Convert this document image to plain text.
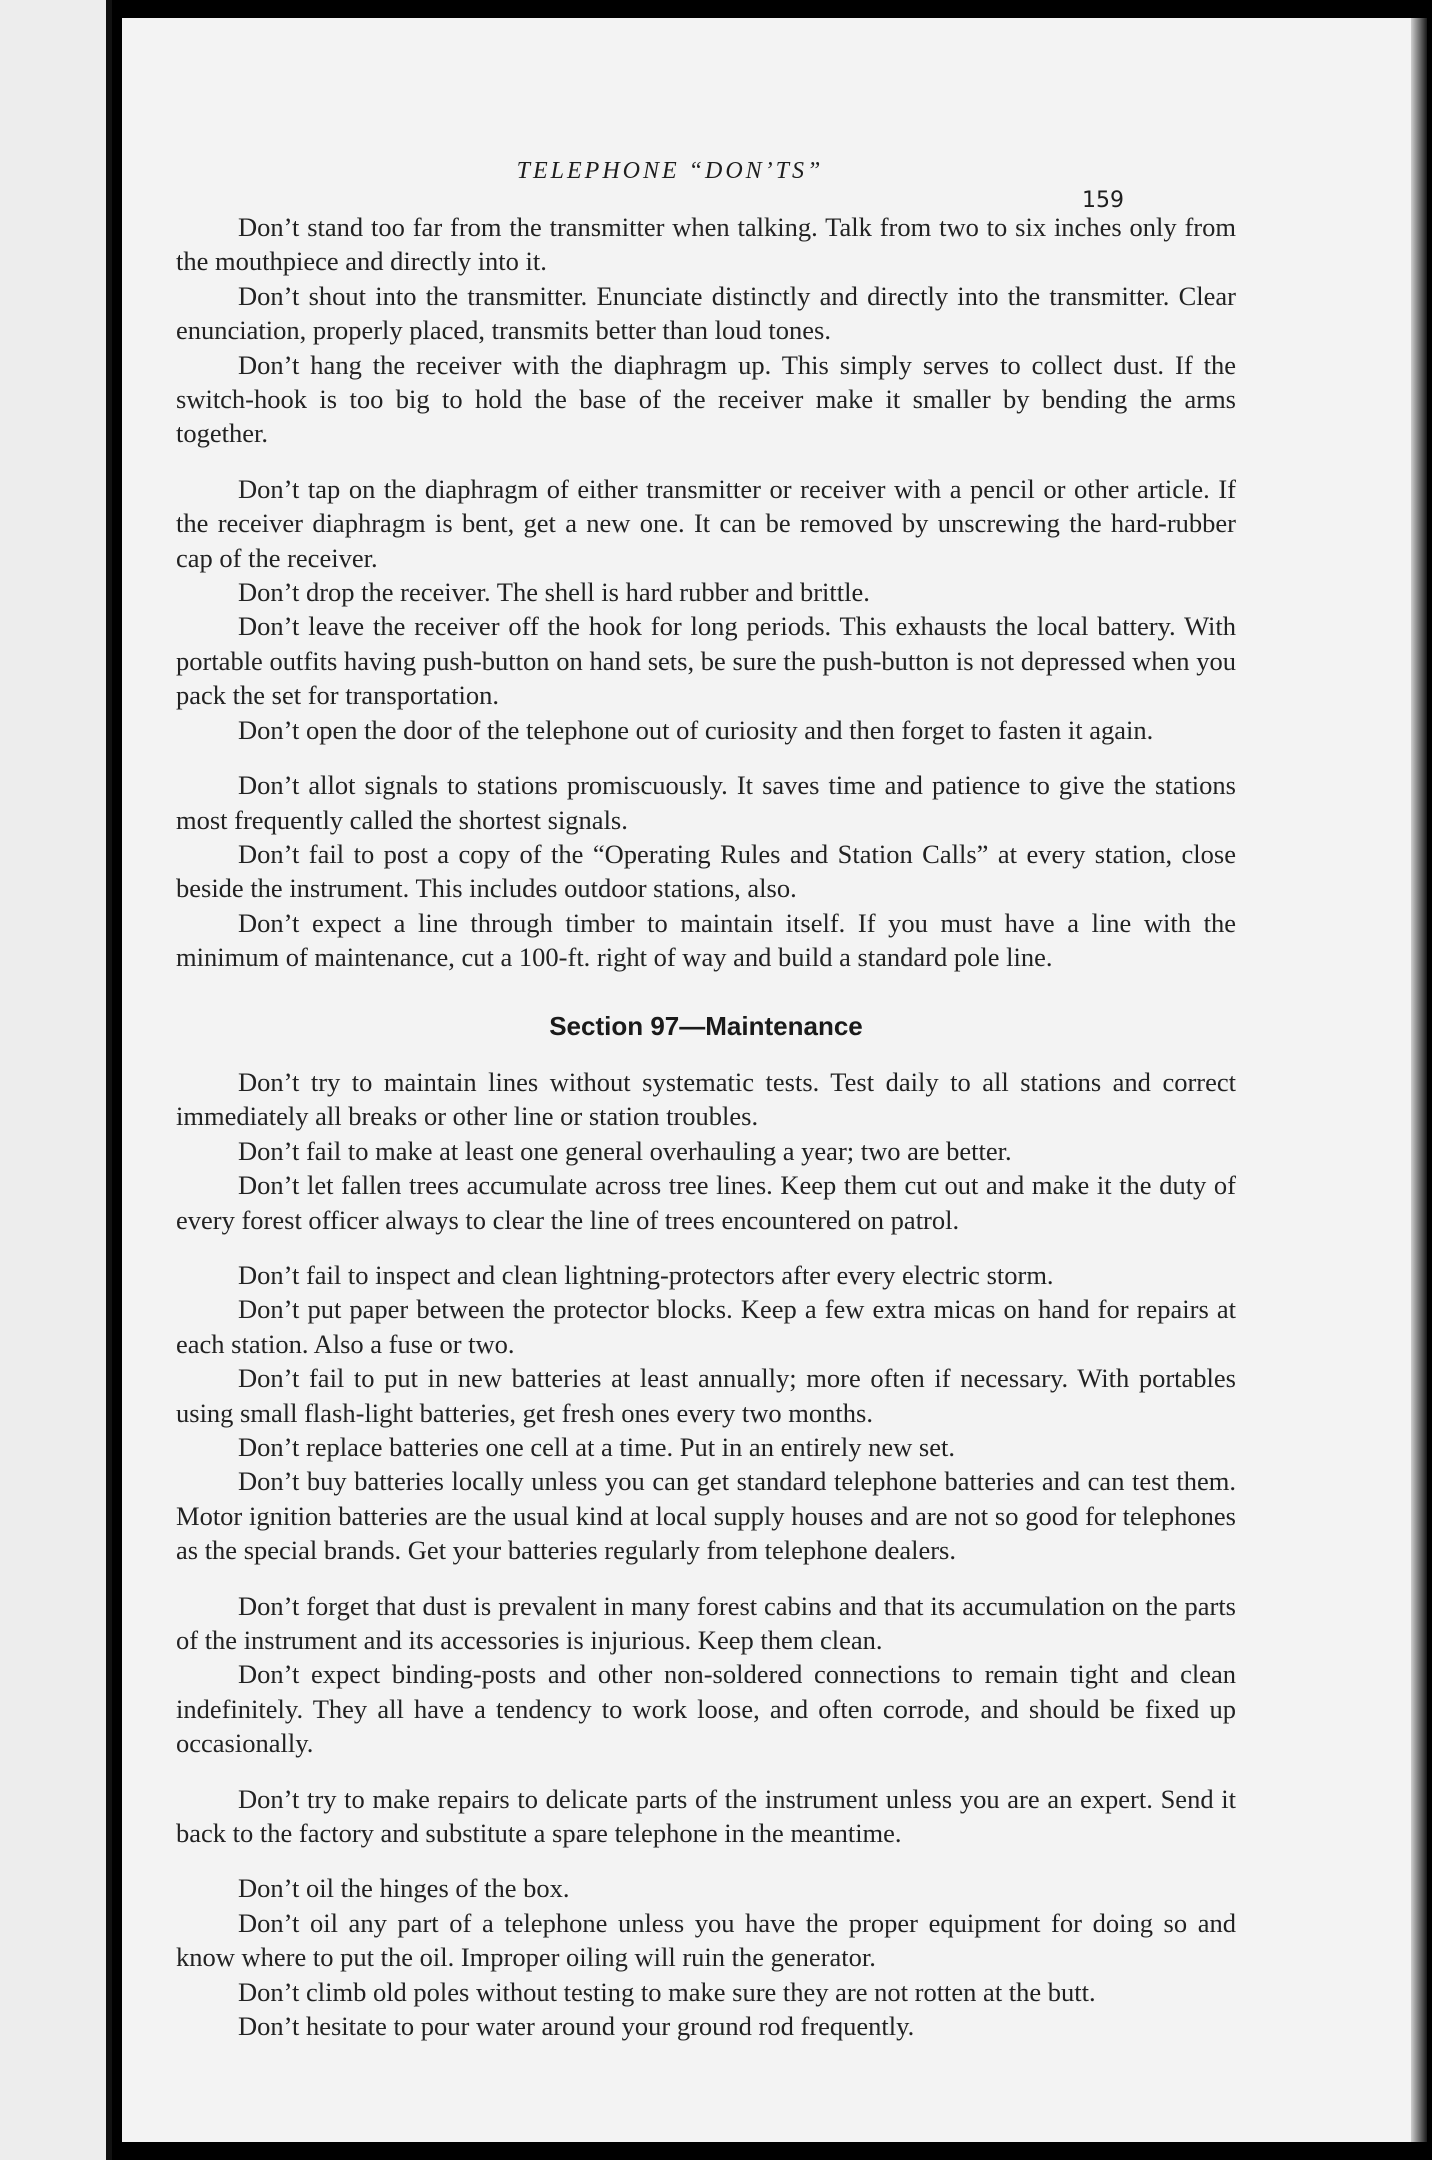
TELEPHONE “DON’TS”
159

Don’t stand too far from the transmitter when talking. Talk from two to six inches only from the mouthpiece and directly into it.

Don’t shout into the transmitter. Enunciate distinctly and directly into the transmitter. Clear enunciation, properly placed, transmits better than loud tones.

Don’t hang the receiver with the diaphragm up. This simply serves to collect dust. If the switch-hook is too big to hold the base of the receiver make it smaller by bending the arms together.

Don’t tap on the diaphragm of either transmitter or receiver with a pencil or other article. If the receiver diaphragm is bent, get a new one. It can be removed by unscrewing the hard-rubber cap of the receiver.

Don’t drop the receiver. The shell is hard rubber and brittle.

Don’t leave the receiver off the hook for long periods. This exhausts the local battery. With portable outfits having push-button on hand sets, be sure the push-button is not depressed when you pack the set for transportation.

Don’t open the door of the telephone out of curiosity and then forget to fasten it again.

Don’t allot signals to stations promiscuously. It saves time and patience to give the stations most frequently called the shortest signals.

Don’t fail to post a copy of the “Operating Rules and Station Calls” at every station, close beside the instrument. This includes outdoor stations, also.

Don’t expect a line through timber to maintain itself. If you must have a line with the minimum of maintenance, cut a 100-ft. right of way and build a standard pole line.

Section 97—Maintenance

Don’t try to maintain lines without systematic tests. Test daily to all stations and correct immediately all breaks or other line or station troubles.

Don’t fail to make at least one general overhauling a year; two are better.

Don’t let fallen trees accumulate across tree lines. Keep them cut out and make it the duty of every forest officer always to clear the line of trees encountered on patrol.

Don’t fail to inspect and clean lightning-protectors after every electric storm.

Don’t put paper between the protector blocks. Keep a few extra micas on hand for repairs at each station. Also a fuse or two.

Don’t fail to put in new batteries at least annually; more often if necessary. With portables using small flash-light batteries, get fresh ones every two months.

Don’t replace batteries one cell at a time. Put in an entirely new set.

Don’t buy batteries locally unless you can get standard telephone batteries and can test them. Motor ignition batteries are the usual kind at local supply houses and are not so good for telephones as the special brands. Get your batteries regularly from telephone dealers.

Don’t forget that dust is prevalent in many forest cabins and that its accumulation on the parts of the instrument and its accessories is injurious. Keep them clean.

Don’t expect binding-posts and other non-soldered connections to remain tight and clean indefinitely. They all have a tendency to work loose, and often corrode, and should be fixed up occasionally.

Don’t try to make repairs to delicate parts of the instrument unless you are an expert. Send it back to the factory and substitute a spare telephone in the meantime.

Don’t oil the hinges of the box.

Don’t oil any part of a telephone unless you have the proper equipment for doing so and know where to put the oil. Improper oiling will ruin the generator.

Don’t climb old poles without testing to make sure they are not rotten at the butt.

Don’t hesitate to pour water around your ground rod frequently.
